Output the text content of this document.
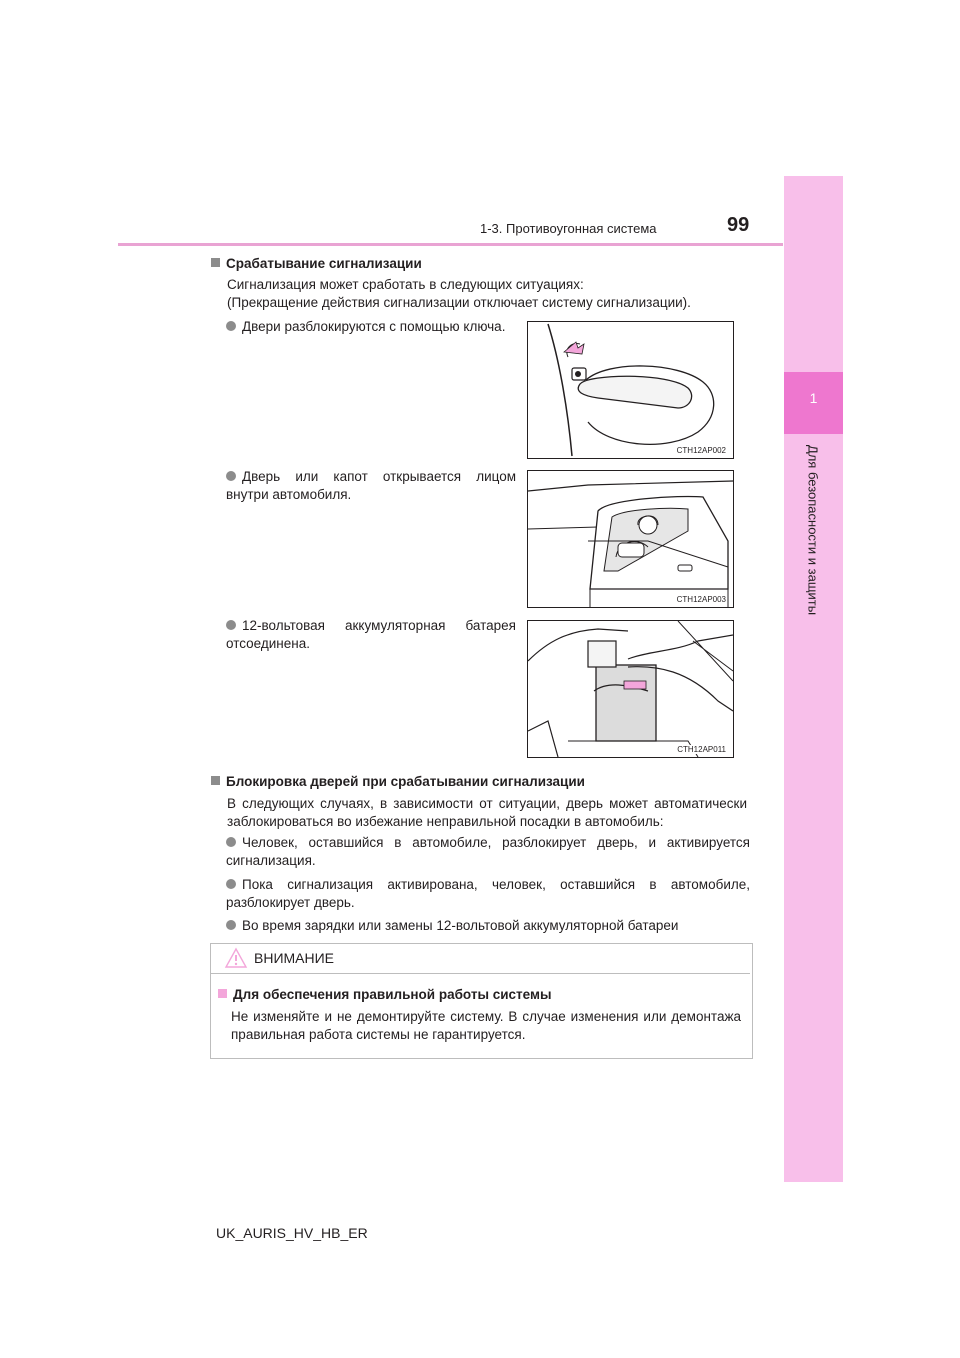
1-3. Противоугонная система	99
1
Для безопасности и защиты
Срабатывание сигнализации
Сигнализация может сработать в следующих ситуациях:
(Прекращение действия сигнализации отключает систему сигнализации).
Двери разблокируются с помощью ключа.
CTH12AP002
Дверь или капот открывается лицом внутри автомобиля.
CTH12AP003
12-вольтовая аккумуляторная батарея отсоединена.
CTH12AP011
Блокировка дверей при срабатывании сигнализации
В следующих случаях, в зависимости от ситуации, дверь может автоматически заблокироваться во избежание неправильной посадки в автомобиль:
Человек, оставшийся в автомобиле, разблокирует дверь, и активируется сигнализация.
Пока сигнализация активирована, человек, оставшийся в автомобиле, разблокирует дверь.
Во время зарядки или замены 12-вольтовой аккумуляторной батареи
ВНИМАНИЕ
Для обеспечения правильной работы системы
Не изменяйте и не демонтируйте систему. В случае изменения или демонтажа правильная работа системы не гарантируется.
UK_AURIS_HV_HB_ER
